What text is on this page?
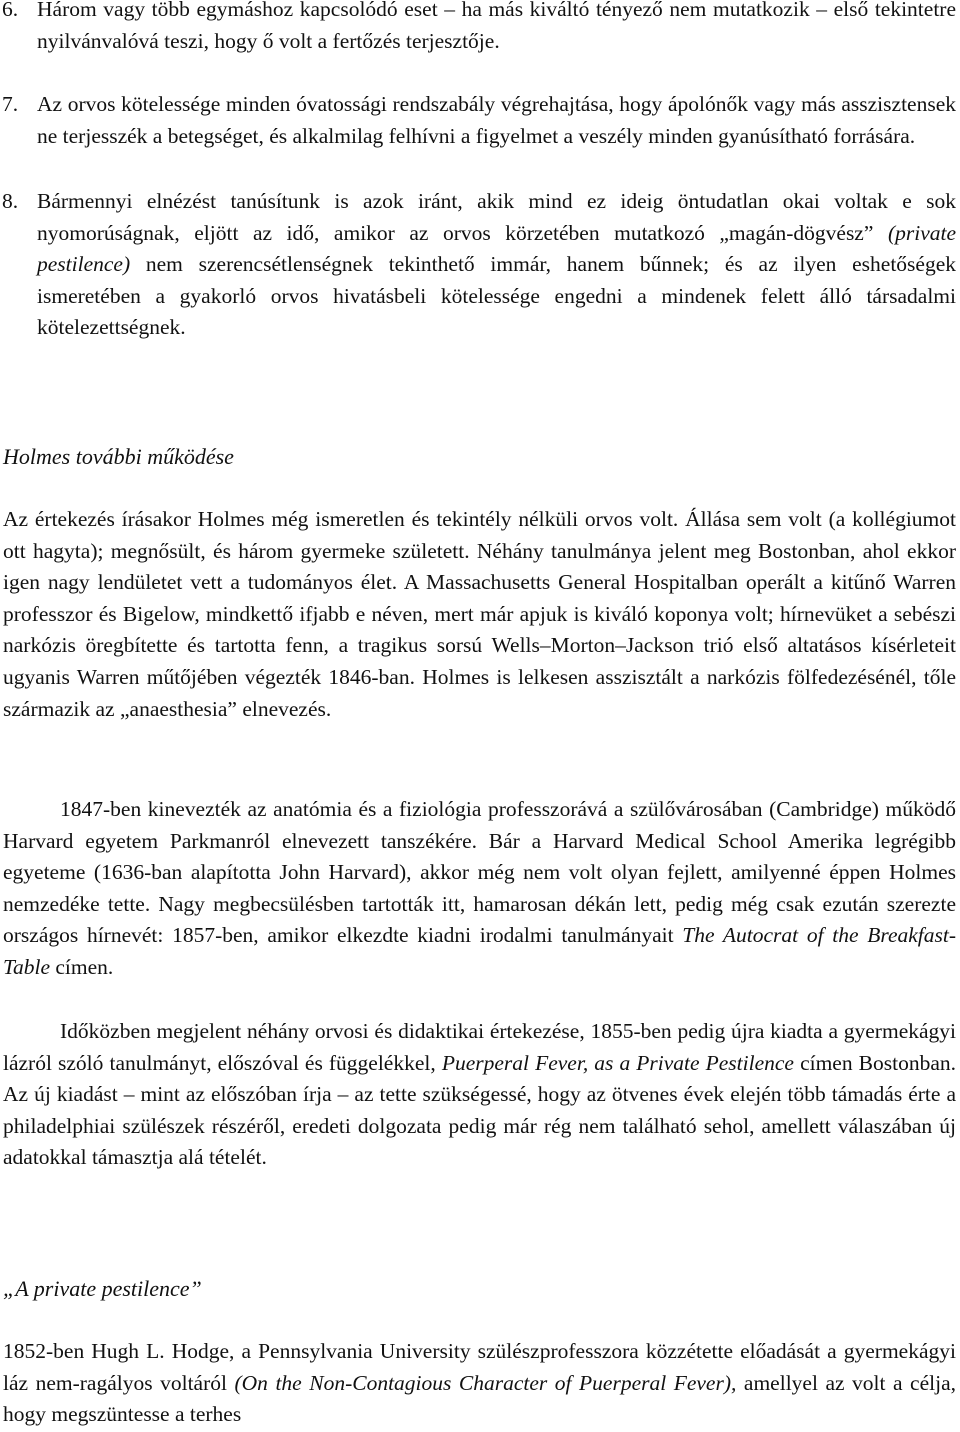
6. Három vagy több egymáshoz kapcsolódó eset – ha más kiváltó tényező nem mutatkozik – első tekintetre nyilvánvalóvá teszi, hogy ő volt a fertőzés terjesztője.
7. Az orvos kötelessége minden óvatossági rendszabály végrehajtása, hogy ápolónők vagy más asszisztensek ne terjesszék a betegséget, és alkalmilag felhívni a figyelmet a veszély minden gyanúsítható forrására.
8. Bármennyi elnézést tanúsítunk is azok iránt, akik mind ez ideig öntudatlan okai voltak e sok nyomorúságnak, eljött az idő, amikor az orvos körzetében mutatkozó „magán-dögvész” (private pestilence) nem szerencsétlenségnek tekinthető immár, hanem bűnnek; és az ilyen eshetőségek ismeretében a gyakorló orvos hivatásbeli kötelessége engedni a mindenek felett álló társadalmi kötelezettségnek.
Holmes további működése
Az értekezés írásakor Holmes még ismeretlen és tekintély nélküli orvos volt. Állása sem volt (a kollégiumot ott hagyta); megnősült, és három gyermeke született. Néhány tanulmánya jelent meg Bostonban, ahol ekkor igen nagy lendületet vett a tudományos élet. A Massachusetts General Hospitalban operált a kitűnő Warren professzor és Bigelow, mindkettő ifjabb e néven, mert már apjuk is kiváló koponya volt; hírnevüket a sebészi narkózis öregbítette és tartotta fenn, a tragikus sorsú Wells–Morton–Jackson trió első altatásos kísérleteit ugyanis Warren műtőjében végezték 1846-ban. Holmes is lelkesen asszisztált a narkózis fölfedezésénél, tőle származik az „anaesthesia” elnevezés.
1847-ben kinevezték az anatómia és a fiziológia professzorává a szülővárosában (Cambridge) működő Harvard egyetem Parkmanról elnevezett tanszékére. Bár a Harvard Medical School Amerika legrégibb egyeteme (1636-ban alapította John Harvard), akkor még nem volt olyan fejlett, amilyenné éppen Holmes nemzedéke tette. Nagy megbecsülésben tartották itt, hamarosan dékán lett, pedig még csak ezután szerezte országos hírnevét: 1857-ben, amikor elkezdte kiadni irodalmi tanulmányait The Autocrat of the Breakfast-Table címen.
Időközben megjelent néhány orvosi és didaktikai értekezése, 1855-ben pedig újra kiadta a gyermekágyi lázról szóló tanulmányt, előszóval és függelékkel, Puerperal Fever, as a Private Pestilence címen Bostonban. Az új kiadást – mint az előszóban írja – az tette szükségessé, hogy az ötvenes évek elején több támadás érte a philadelphiai szülészek részéről, eredeti dolgozata pedig már rég nem található sehol, amellett válaszában új adatokkal támasztja alá tételét.
„A private pestilence”
1852-ben Hugh L. Hodge, a Pennsylvania University szülészprofesszora közzétette előadását a gyermekágyi láz nem-ragályos voltáról (On the Non-Contagious Character of Puerperal Fever), amellyel az volt a célja, hogy megszüntesse a terhes
